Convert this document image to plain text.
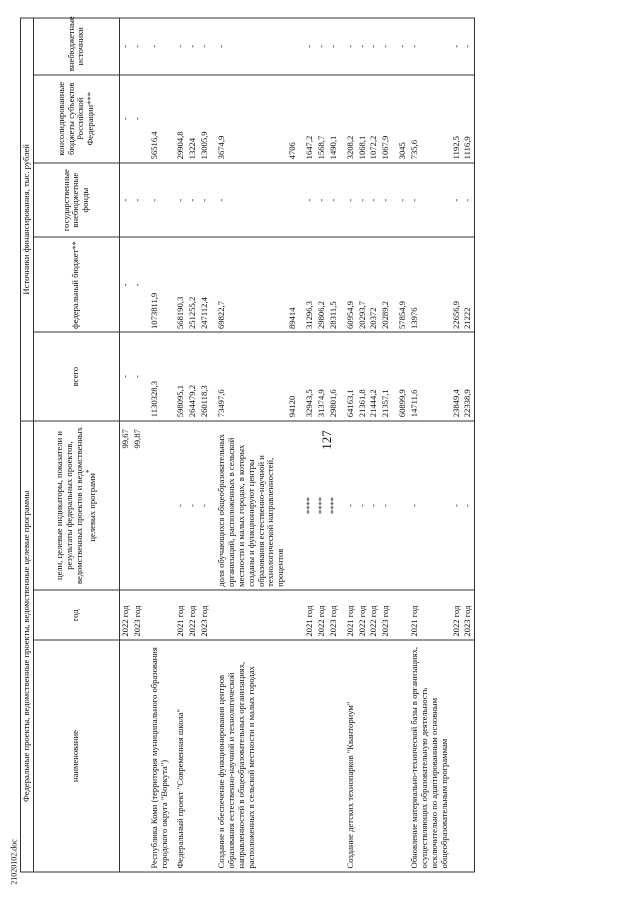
127
21020102.doc
Федеральные проекты, ведомственные проекты, ведомственные целевые программы			Источники финансирования, тыс. рублей				
наименование	год	цели, целевые индикаторы, показатели и результаты федеральных проектов, ведомственных проектов и ведомственных целевых программ*	всего	федеральный бюджет**	государственные внебюджетные фонды	консолидированные бюджеты субъектов Российской Федерации***	внебюджетные источники
	2022 год	99,67	-	-	-	-	-
	2023 год	99,87	-	-	-	-	-
Республика Коми (территория муниципального образования городского округа "Воркута")			1130328,3	1073811,9	-	56516,4	-
Федеральный проект "Современная школа"	2021 год	-	598095,1	568190,3	-	29904,8	-
	2022 год	-	264479,2	251255,2	-	13224	-
	2023 год	-	260118,3	247112,4	-	13005,9	-
Создание и обеспечение функционирования центров образования естественно-научной и технологической направленностей в общеобразовательных организациях, расположенных в сельской местности и малых городах		доля обучающихся общеобразовательных организаций, расположенных в сельской местности и малых городах, в которых созданы и функционируют центры образования естественно-научной и технологической направленностей, процентов	73497,6	69822,7	-	3674,9	-
			94120	89414		4706	
	2021 год	****	32943,5	31296,3	-	1647,2	-
	2022 год	****	31374,9	29806,2	-	1568,7	-
	2023 год	****	29801,6	28311,5	-	1490,1	-
Создание детских технопарков "Кванториум"	2021 год	-	64163,1	60954,9	-	3208,2	-
	2022 год	-	21361,8	20293,7	-	1068,1	-
	2022 год	-	21444,2	20372	-	1072,2	-
	2023 год	-	21357,1	20289,2	-	1067,9	-
			60899,9	57854,9	-	3045	-
Обновление материально-технической базы в организациях, осуществляющих образовательную деятельность исключительно по адаптированным основным общеобразовательным программам	2021 год	-	14711,6	13976	-	735,6	-
	2022 год	-	23849,4	22656,9	-	1192,5	-
	2023 год	-	22338,9	21222	-	1116,9	-
